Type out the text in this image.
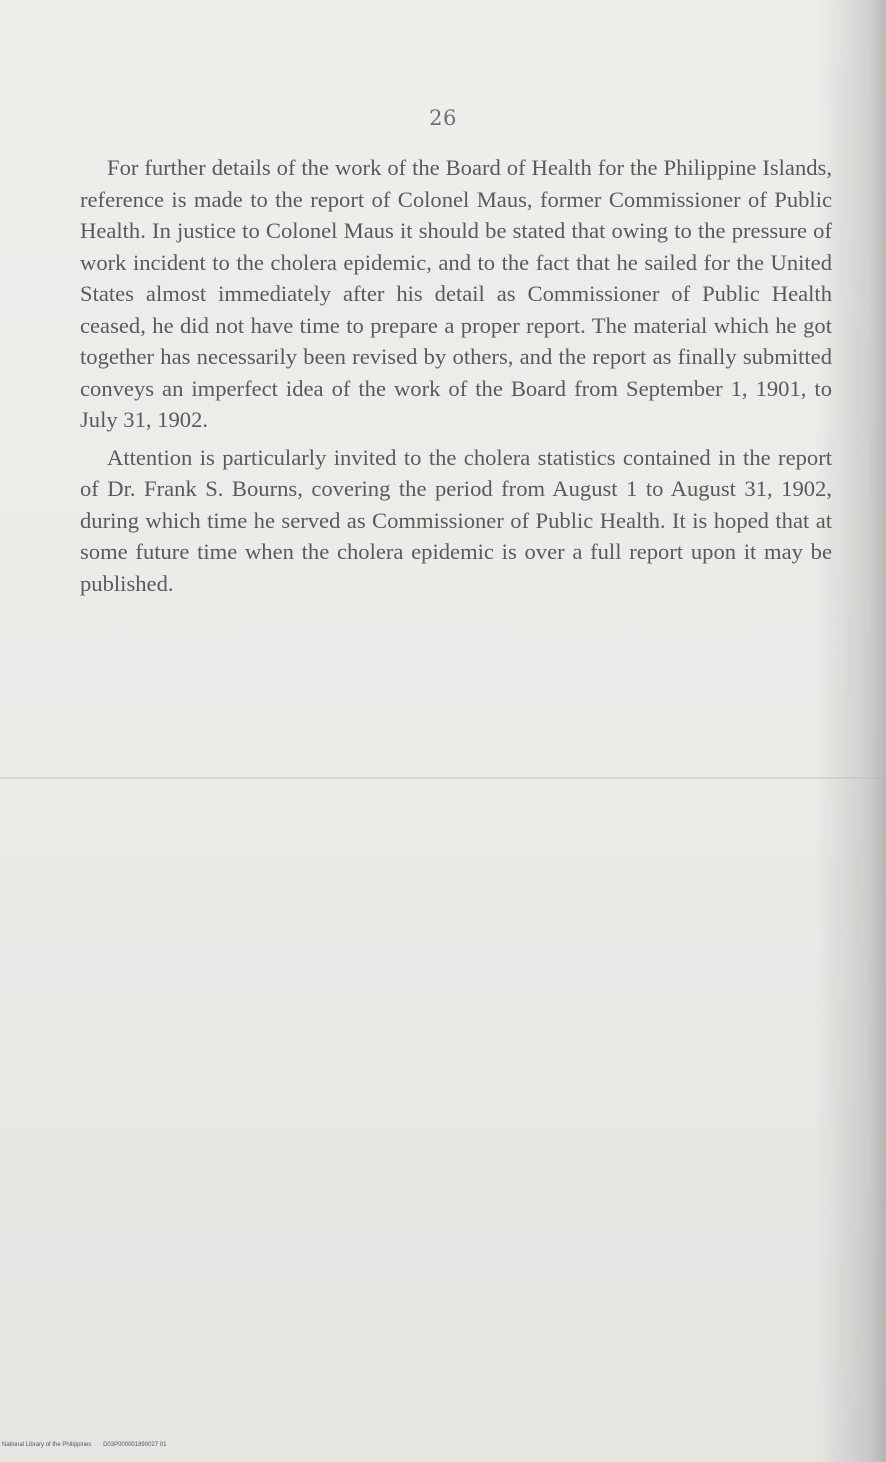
26

For further details of the work of the Board of Health for the Philippine Islands, reference is made to the report of Colonel Maus, former Commissioner of Public Health. In justice to Colonel Maus it should be stated that owing to the pressure of work incident to the cholera epidemic, and to the fact that he sailed for the United States almost immediately after his detail as Commissioner of Public Health ceased, he did not have time to prepare a proper report. The material which he got together has necessarily been revised by others, and the report as finally submitted conveys an imperfect idea of the work of the Board from September 1, 1901, to July 31, 1902.

Attention is particularly invited to the cholera statistics contained in the report of Dr. Frank S. Bourns, covering the period from August 1 to August 31, 1902, during which time he served as Commissioner of Public Health. It is hoped that at some future time when the cholera epidemic is over a full report upon it may be published.

National Library of the Philippines D03P000001890027 01
